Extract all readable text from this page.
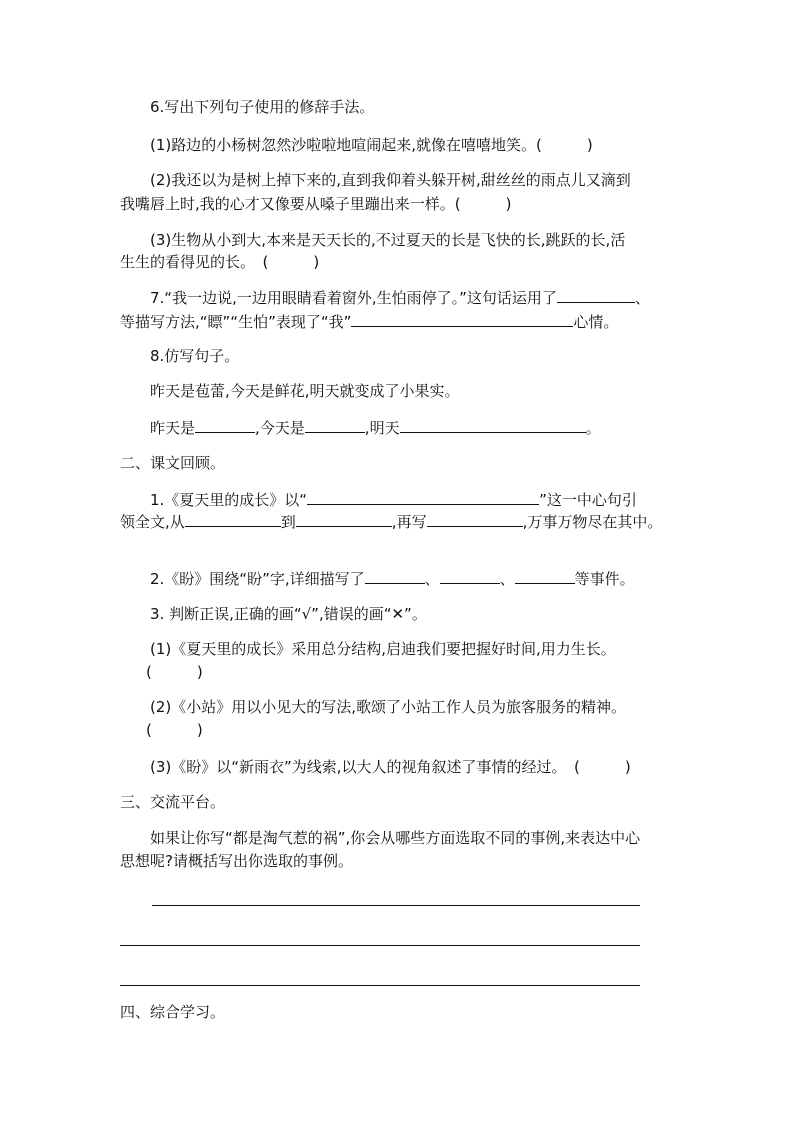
6.写出下列句子使用的修辞手法。
(1)路边的小杨树忽然沙啦啦地喧闹起来,就像在嘻嘻地笑。(　　　)
(2)我还以为是树上掉下来的,直到我仰着头躲开树,甜丝丝的雨点儿又滴到
我嘴唇上时,我的心才又像要从嗓子里蹦出来一样。(　　　)
(3)生物从小到大,本来是天天长的,不过夏天的长是飞快的长,跳跃的长,活
生生的看得见的长。　(　　　)
7.“我一边说,一边用眼睛看着窗外,生怕雨停了。”这句话运用了	、
等描写方法,“瞟”“生怕”表现了“我”	心情。
8.仿写句子。
昨天是苞蕾,今天是鲜花,明天就变成了小果实。
昨天是	,今天是	,明天	。
二、课文回顾。
1.《夏天里的成长》以“	”这一中心句引
领全文,从	到	,再写	,万事万物尽在其中。
2.《盼》围绕“盼”字,详细描写了	、	、	等事件。
3. 判断正误,正确的画“√”,错误的画“✕”。
(1)《夏天里的成长》采用总分结构,启迪我们要把握好时间,用力生长。
(　　　)
(2)《小站》用以小见大的写法,歌颂了小站工作人员为旅客服务的精神。
(　　　)
(3)《盼》以“新雨衣”为线索,以大人的视角叙述了事情的经过。　(　　　)
三、交流平台。
如果让你写“都是淘气惹的祸”,你会从哪些方面选取不同的事例,来表达中心
思想呢?请概括写出你选取的事例。
四、综合学习。
